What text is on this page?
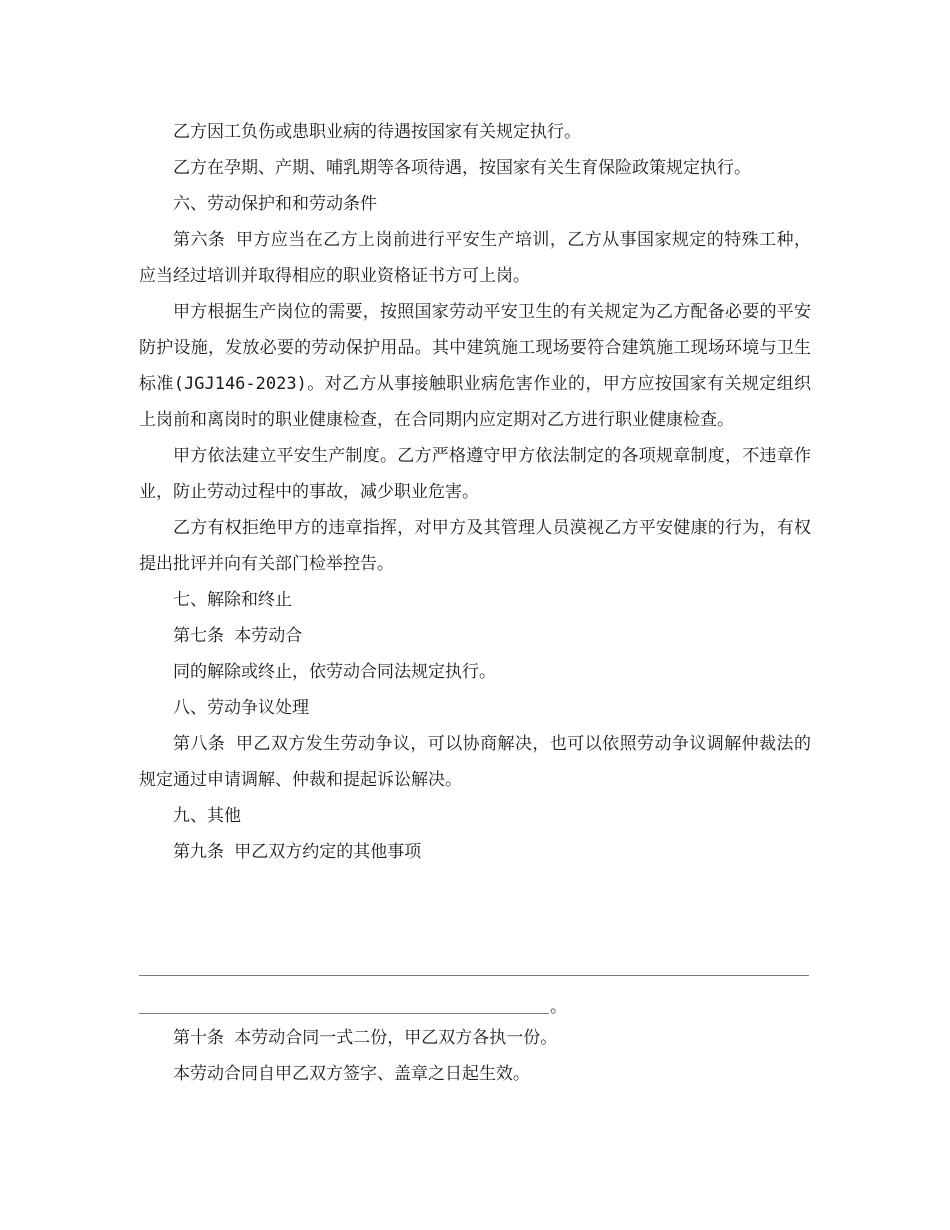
乙方因工负伤或患职业病的待遇按国家有关规定执行。

乙方在孕期、产期、哺乳期等各项待遇，按国家有关生育保险政策规定执行。

六、劳动保护和和劳动条件

第六条 甲方应当在乙方上岗前进行平安生产培训，乙方从事国家规定的特殊工种，应当经过培训并取得相应的职业资格证书方可上岗。

甲方根据生产岗位的需要，按照国家劳动平安卫生的有关规定为乙方配备必要的平安防护设施，发放必要的劳动保护用品。其中建筑施工现场要符合建筑施工现场环境与卫生标准(JGJ146-2023)。对乙方从事接触职业病危害作业的，甲方应按国家有关规定组织上岗前和离岗时的职业健康检查，在合同期内应定期对乙方进行职业健康检查。

甲方依法建立平安生产制度。乙方严格遵守甲方依法制定的各项规章制度，不违章作业，防止劳动过程中的事故，减少职业危害。

乙方有权拒绝甲方的违章指挥，对甲方及其管理人员漠视乙方平安健康的行为，有权提出批评并向有关部门检举控告。

七、解除和终止

第七条 本劳动合

同的解除或终止，依劳动合同法规定执行。

八、劳动争议处理

第八条 甲乙双方发生劳动争议，可以协商解决，也可以依照劳动争议调解仲裁法的规定通过申请调解、仲裁和提起诉讼解决。

九、其他

第九条 甲乙双方约定的其他事项

。

第十条 本劳动合同一式二份，甲乙双方各执一份。

本劳动合同自甲乙双方签字、盖章之日起生效。
